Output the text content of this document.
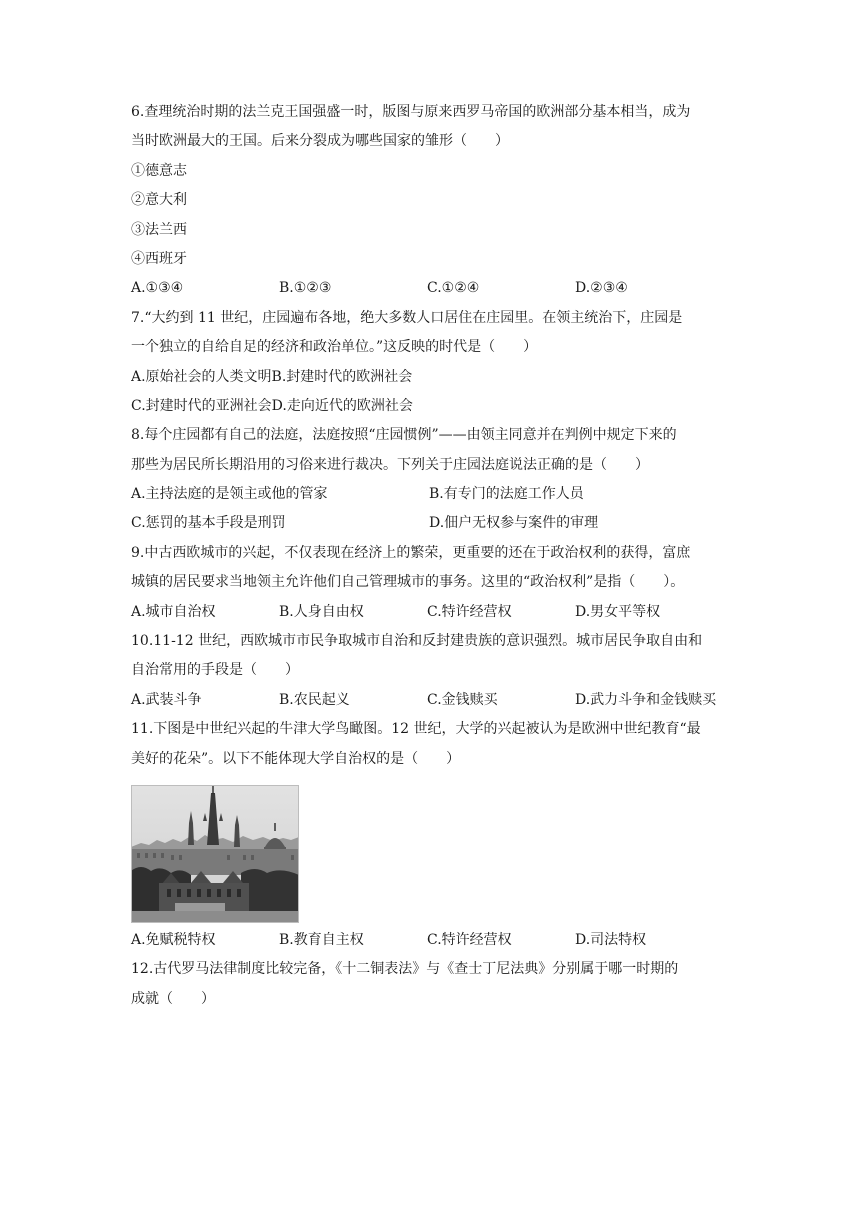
6.查理统治时期的法兰克王国强盛一时，版图与原来西罗马帝国的欧洲部分基本相当，成为
当时欧洲最大的王国。后来分裂成为哪些国家的雏形（　　）
①德意志
②意大利
③法兰西
④西班牙
A.①③④	B.①②③	C.①②④	D.②③④
7.“大约到 11 世纪，庄园遍布各地，绝大多数人口居住在庄园里。在领主统治下，庄园是
一个独立的自给自足的经济和政治单位。”这反映的时代是（　　）
A.原始社会的人类文明B.封建时代的欧洲社会
C.封建时代的亚洲社会D.走向近代的欧洲社会
8.每个庄园都有自己的法庭，法庭按照“庄园惯例”——由领主同意并在判例中规定下来的
那些为居民所长期沿用的习俗来进行裁决。下列关于庄园法庭说法正确的是（　　）
A.主持法庭的是领主或他的管家	B.有专门的法庭工作人员
C.惩罚的基本手段是刑罚	D.佃户无权参与案件的审理
9.中古西欧城市的兴起，不仅表现在经济上的繁荣，更重要的还在于政治权利的获得，富庶
城镇的居民要求当地领主允许他们自己管理城市的事务。这里的“政治权利”是指（　　）。
A.城市自治权	B.人身自由权	C.特许经营权	D.男女平等权
10.11-12 世纪，西欧城市市民争取城市自治和反封建贵族的意识强烈。城市居民争取自由和
自治常用的手段是（　　）
A.武装斗争	B.农民起义	C.金钱赎买	D.武力斗争和金钱赎买
11.下图是中世纪兴起的牛津大学鸟瞰图。12 世纪，大学的兴起被认为是欧洲中世纪教育“最
美好的花朵”。以下不能体现大学自治权的是（　　）
A.免赋税特权	B.教育自主权	C.特许经营权	D.司法特权
12.古代罗马法律制度比较完备，《十二铜表法》与《查士丁尼法典》分别属于哪一时期的
成就（　　）
